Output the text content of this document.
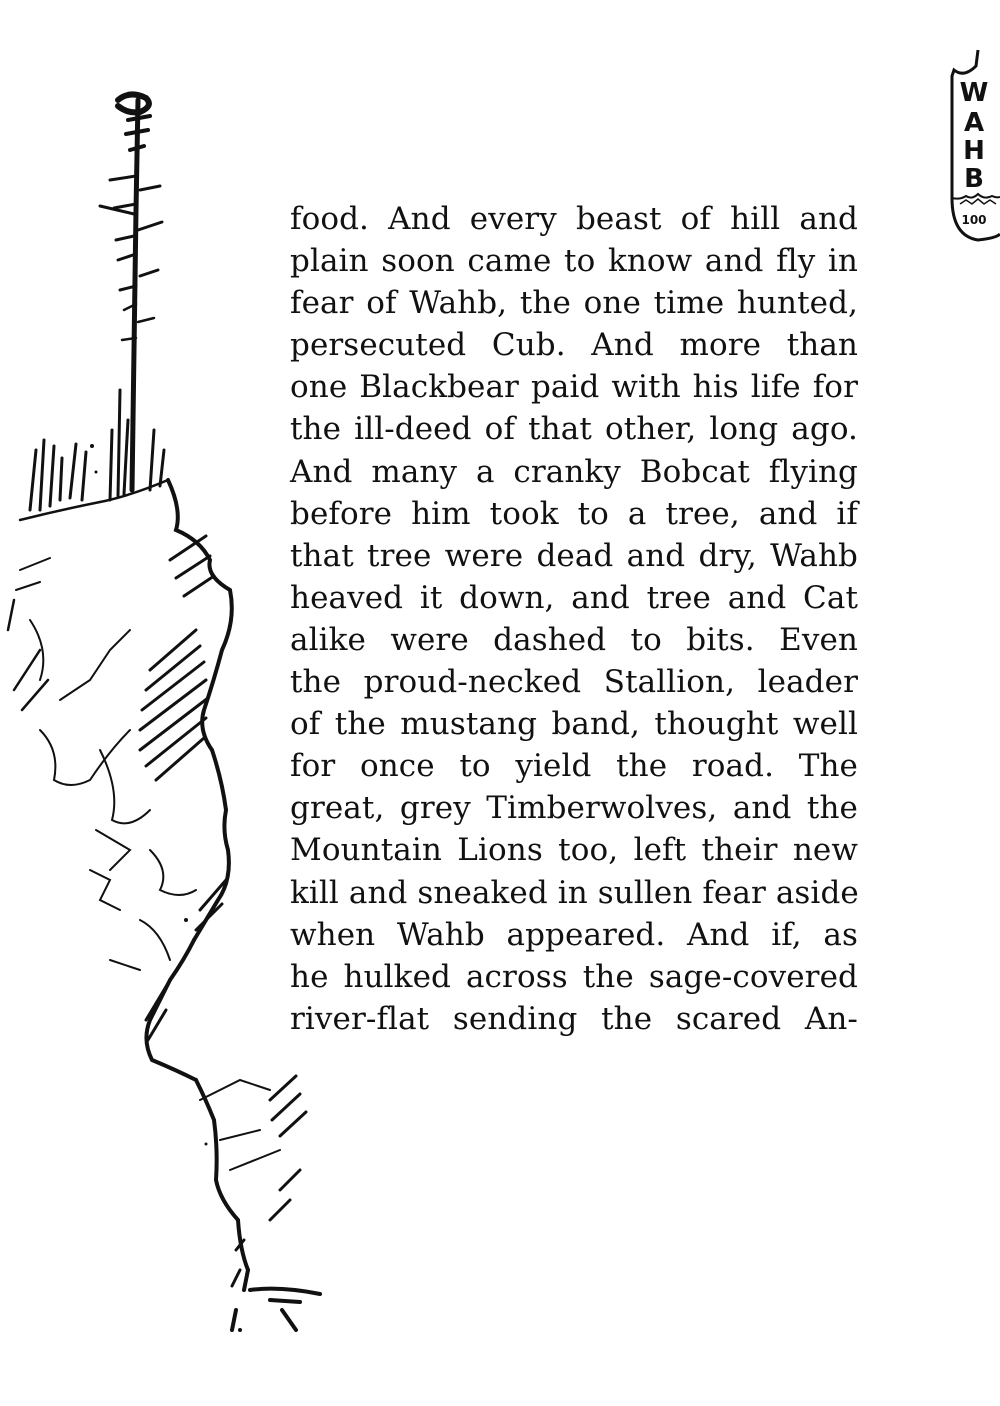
W
A
H
B
100
food. And every beast of hill and
plain soon came to know and fly in
fear of Wahb, the one time hunted,
persecuted Cub. And more than
one Blackbear paid with his life for
the ill-deed of that other, long ago.
And many a cranky Bobcat flying
before him took to a tree, and if
that tree were dead and dry, Wahb
heaved it down, and tree and Cat
alike were dashed to bits. Even
the proud-necked Stallion, leader
of the mustang band, thought well
for once to yield the road. The
great, grey Timberwolves, and the
Mountain Lions too, left their new
kill and sneaked in sullen fear aside
when Wahb appeared. And if, as
he hulked across the sage-covered
river-flat sending the scared An-
